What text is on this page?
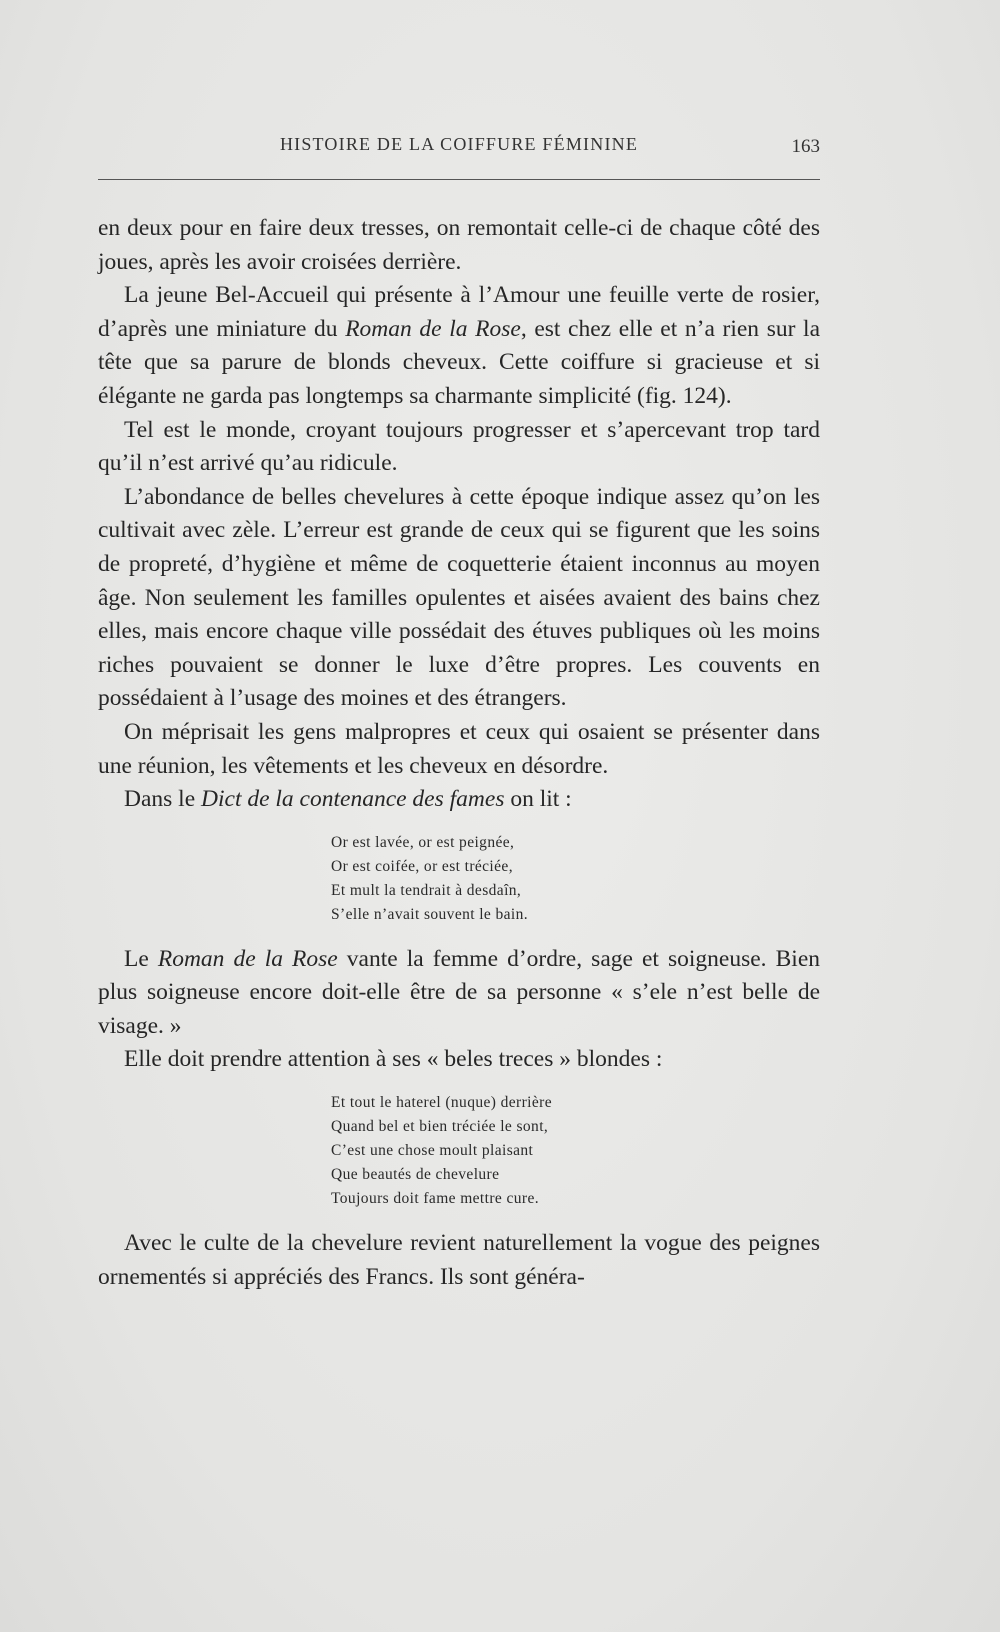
HISTOIRE DE LA COIFFURE FÉMININE	163

en deux pour en faire deux tresses, on remontait celle-ci de chaque côté des joues, après les avoir croisées derrière.

La jeune Bel-Accueil qui présente à l’Amour une feuille verte de rosier, d’après une miniature du Roman de la Rose, est chez elle et n’a rien sur la tête que sa parure de blonds cheveux. Cette coiffure si gracieuse et si élégante ne garda pas longtemps sa charmante simplicité (fig. 124).

Tel est le monde, croyant toujours progresser et s’apercevant trop tard qu’il n’est arrivé qu’au ridicule.

L’abondance de belles chevelures à cette époque indique assez qu’on les cultivait avec zèle. L’erreur est grande de ceux qui se figurent que les soins de propreté, d’hygiène et même de coquetterie étaient inconnus au moyen âge. Non seulement les familles opulentes et aisées avaient des bains chez elles, mais encore chaque ville possédait des étuves publiques où les moins riches pouvaient se donner le luxe d’être propres. Les couvents en possédaient à l’usage des moines et des étrangers.

On méprisait les gens malpropres et ceux qui osaient se présenter dans une réunion, les vêtements et les cheveux en désordre.

Dans le Dict de la contenance des fames on lit :

Or est lavée, or est peignée,
Or est coifée, or est tréciée,
Et mult la tendrait à desdaîn,
S’elle n’avait souvent le bain.

Le Roman de la Rose vante la femme d’ordre, sage et soigneuse. Bien plus soigneuse encore doit-elle être de sa personne « s’ele n’est belle de visage. »

Elle doit prendre attention à ses « beles treces » blondes :

Et tout le haterel (nuque) derrière
Quand bel et bien tréciée le sont,
C’est une chose moult plaisant
Que beautés de chevelure
Toujours doit fame mettre cure.

Avec le culte de la chevelure revient naturellement la vogue des peignes ornementés si appréciés des Francs. Ils sont généra-
